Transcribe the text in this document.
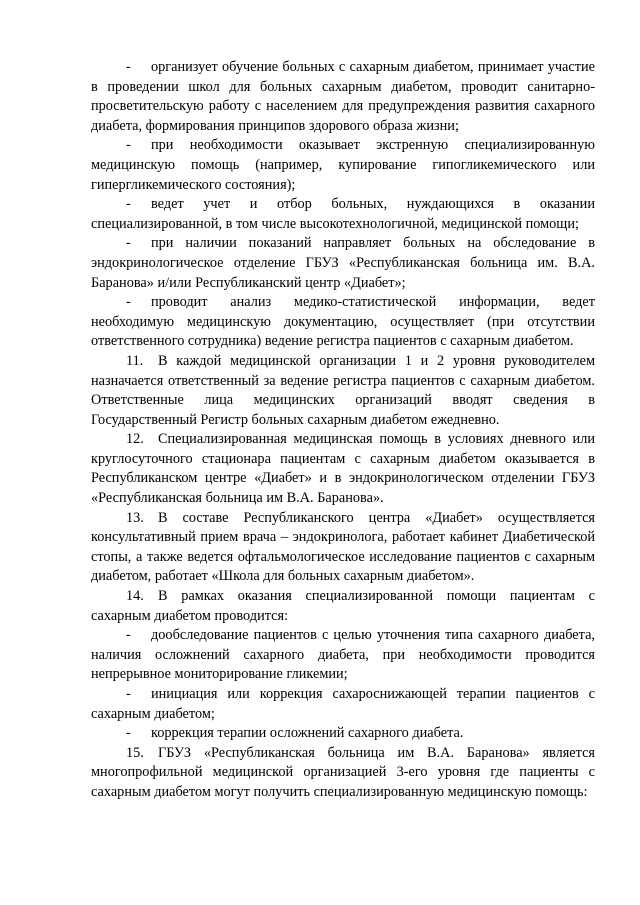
- организует обучение больных с сахарным диабетом, принимает участие в проведении школ для больных сахарным диабетом, проводит санитарно-просветительскую работу с населением для предупреждения развития сахарного диабета, формирования принципов здорового образа жизни;

- при необходимости оказывает экстренную специализированную медицинскую помощь (например, купирование гипогликемического или гипергликемического состояния);

- ведет учет и отбор больных, нуждающихся в оказании специализированной, в том числе высокотехнологичной, медицинской помощи;

- при наличии показаний направляет больных на обследование в эндокринологическое отделение ГБУЗ «Республиканская больница им. В.А. Баранова» и/или Республиканский центр «Диабет»;

- проводит анализ медико-статистической информации, ведет необходимую медицинскую документацию, осуществляет (при отсутствии ответственного сотрудника) ведение регистра пациентов с сахарным диабетом.

11. В каждой медицинской организации 1 и 2 уровня руководителем назначается ответственный за ведение регистра пациентов с сахарным диабетом. Ответственные лица медицинских организаций вводят сведения в Государственный Регистр больных сахарным диабетом ежедневно.

12. Специализированная медицинская помощь в условиях дневного или круглосуточного стационара пациентам с сахарным диабетом оказывается в Республиканском центре «Диабет» и в эндокринологическом отделении ГБУЗ «Республиканская больница им В.А. Баранова».

13. В составе Республиканского центра «Диабет» осуществляется консультативный прием врача – эндокринолога, работает кабинет Диабетической стопы, а также ведется офтальмологическое исследование пациентов с сахарным диабетом, работает «Школа для больных сахарным диабетом».

14. В рамках оказания специализированной помощи пациентам с сахарным диабетом проводится:

- дообследование пациентов с целью уточнения типа сахарного диабета, наличия осложнений сахарного диабета, при необходимости проводится непрерывное мониторирование гликемии;

- инициация или коррекция сахароснижающей терапии пациентов с сахарным диабетом;

- коррекция терапии осложнений сахарного диабета.

15. ГБУЗ «Республиканская больница им В.А. Баранова» является многопрофильной медицинской организацией 3-его уровня где пациенты с сахарным диабетом могут получить специализированную медицинскую помощь:
